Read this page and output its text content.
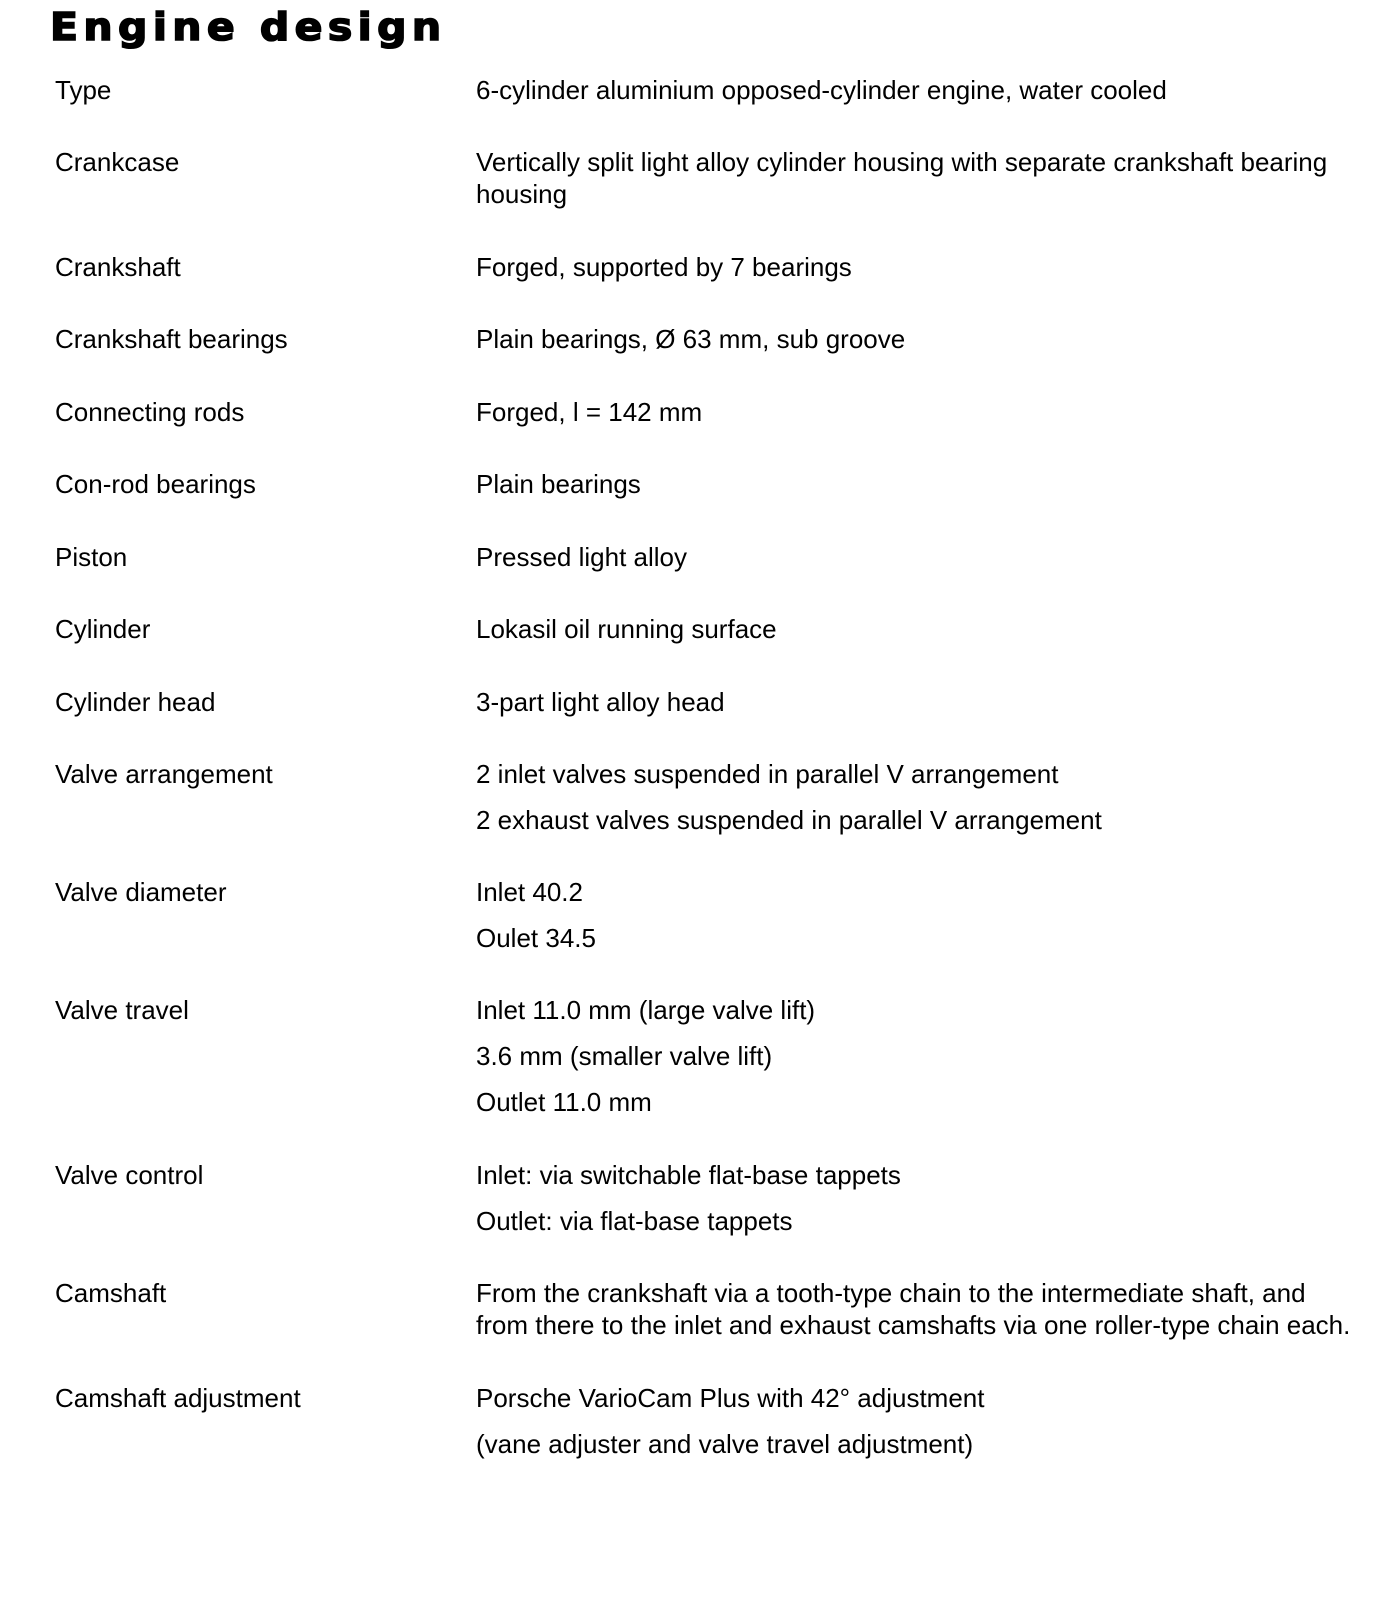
Engine design
Type	6-cylinder aluminium opposed-cylinder engine, water cooled
Crankcase	Vertically split light alloy cylinder housing with separate crankshaft bearing housing
Crankshaft	Forged, supported by 7 bearings
Crankshaft bearings	Plain bearings, Ø 63 mm, sub groove
Connecting rods	Forged, l = 142 mm
Con-rod bearings	Plain bearings
Piston	Pressed light alloy
Cylinder	Lokasil oil running surface
Cylinder head	3-part light alloy head
Valve arrangement	2 inlet valves suspended in parallel V arrangement
2 exhaust valves suspended in parallel V arrangement
Valve diameter	Inlet 40.2
Oulet 34.5
Valve travel	Inlet 11.0 mm (large valve lift)
3.6 mm (smaller valve lift)
Outlet 11.0 mm
Valve control	Inlet: via switchable flat-base tappets
Outlet: via flat-base tappets
Camshaft	From the crankshaft via a tooth-type chain to the intermediate shaft, and from there to the inlet and exhaust camshafts via one roller-type chain each.
Camshaft adjustment	Porsche VarioCam Plus with 42° adjustment
(vane adjuster and valve travel adjustment)
